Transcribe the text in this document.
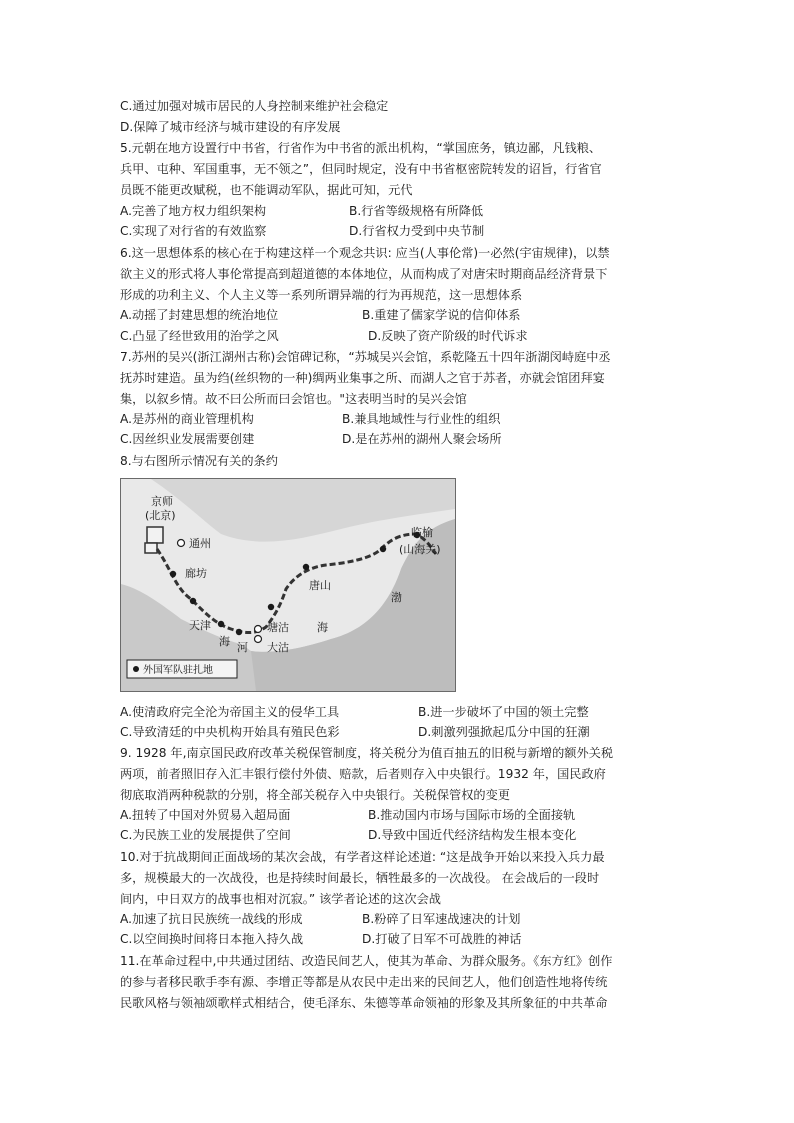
C.通过加强对城市居民的人身控制来维护社会稳定
D.保障了城市经济与城市建设的有序发展
5.元朝在地方设置行中书省，行省作为中书省的派出机构，“掌国庶务，镇边鄙，凡钱粮、
兵甲、屯种、军国重事，无不领之”，但同时规定，没有中书省枢密院转发的诏旨，行省官
员既不能更改赋税，也不能调动军队，据此可知，元代
A.完善了地方权力组织架构	B.行省等级规格有所降低
C.实现了对行省的有效监察	D.行省权力受到中央节制
6.这一思想体系的核心在于构建这样一个观念共识: 应当(人事伦常)一必然(宇宙规律)，以禁
欲主义的形式将人事伦常提高到超道德的本体地位，从而构成了对唐宋时期商品经济背景下
形成的功利主义、个人主义等一系列所谓异端的行为再规范，这一思想体系
A.动摇了封建思想的统治地位	B.重建了儒家学说的信仰体系
C.凸显了经世致用的治学之风	D.反映了资产阶级的时代诉求
7.苏州的吴兴(浙江湖州古称)会馆碑记称，“苏城吴兴会馆，系乾隆五十四年浙湖闵峙庭中丞
抚苏时建造。虽为绉(丝织物的一种)绸两业集事之所、而湖人之官于苏者，亦就会馆团拜宴
集，以叙乡情。故不曰公所而曰会馆也。"这表明当时的吴兴会馆
A.是苏州的商业管理机构	B.兼具地域性与行业性的组织
C.因丝织业发展需要创建	D.是在苏州的湖州人聚会场所
8.与右图所示情况有关的条约
京师
(北京)
通州
廊坊
临榆
(山海关)
唐山
渤
海
天津
海 河
塘沽
大沽
外国军队驻扎地
A.使清政府完全沦为帝国主义的侵华工具	B.进一步破坏了中国的领土完整
C.导致清廷的中央机构开始具有殖民色彩	D.刺激列强掀起瓜分中国的狂潮
9. 1928 年,南京国民政府改革关税保管制度，将关税分为值百抽五的旧税与新增的额外关税
两项，前者照旧存入汇丰银行偿付外债、赔款，后者则存入中央银行。1932 年，国民政府
彻底取消两种税款的分别，将全部关税存入中央银行。关税保管权的变更
A.扭转了中国对外贸易入超局面	B.推动国内市场与国际市场的全面接轨
C.为民族工业的发展提供了空间	D.导致中国近代经济结构发生根本变化
10.对于抗战期间正面战场的某次会战，有学者这样论述道: “这是战争开始以来投入兵力最
多，规模最大的一次战役，也是持续时间最长，牺牲最多的一次战役。 在会战后的一段时
间内，中日双方的战事也相对沉寂。” 该学者论述的这次会战
A.加速了抗日民族统一战线的形成	B.粉碎了日军速战速决的计划
C.以空间换时间将日本拖入持久战	D.打破了日军不可战胜的神话
11.在革命过程中,中共通过团结、改造民间艺人，使其为革命、为群众服务。《东方红》创作
的参与者移民歌手李有源、李增正等都是从农民中走出来的民间艺人，他们创造性地将传统
民歌风格与领袖颂歌样式相结合，使毛泽东、朱德等革命领袖的形象及其所象征的中共革命
